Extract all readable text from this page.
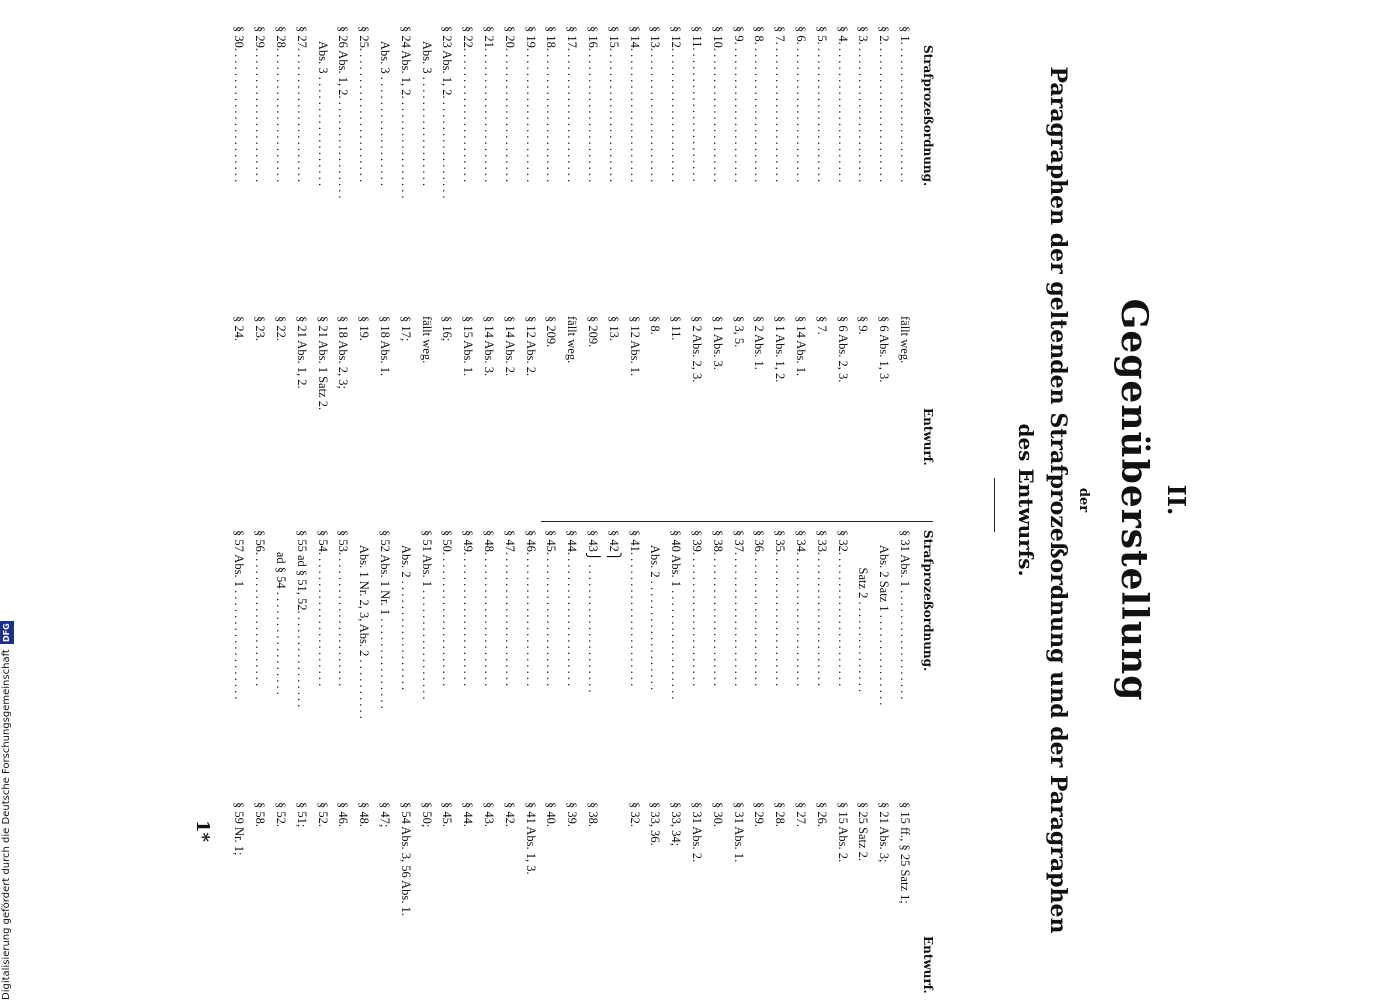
II.
Gegenüberstellung
der
Paragraphen der geltenden Strafprozeßordnung und der Paragraphen
des Entwurfs.
Strafprozeßordnung.
Entwurf.
Strafprozeßordnung.
Entwurf.
§ 1. . . . . . . . . . . . . . . . . . . . . . .fällt weg.
§ 2. . . . . . . . . . . . . . . . . . . . . . .§ 6 Abs. 1, 3.
§ 3. . . . . . . . . . . . . . . . . . . . . . .§ 9.
§ 4. . . . . . . . . . . . . . . . . . . . . . .§ 6 Abs. 2, 3.
§ 5. . . . . . . . . . . . . . . . . . . . . . .§ 7.
§ 6. . . . . . . . . . . . . . . . . . . . . . .§ 14 Abs. 1.
§ 7. . . . . . . . . . . . . . . . . . . . . . .§ 1 Abs. 1, 2.
§ 8. . . . . . . . . . . . . . . . . . . . . . .§ 2 Abs. 1.
§ 9. . . . . . . . . . . . . . . . . . . . . . .§ 3, 5.
§ 10. . . . . . . . . . . . . . . . . . . . . .§ 1 Abs. 3.
§ 11. . . . . . . . . . . . . . . . . . . . . .§ 2 Abs. 2, 3.
§ 12. . . . . . . . . . . . . . . . . . . . . .§ 11.
§ 13. . . . . . . . . . . . . . . . . . . . . .§ 8.
§ 14. . . . . . . . . . . . . . . . . . . . . .§ 12 Abs. 1.
§ 15. . . . . . . . . . . . . . . . . . . . . .§ 13.
§ 16. . . . . . . . . . . . . . . . . . . . . .§ 209.
§ 17. . . . . . . . . . . . . . . . . . . . . .fällt weg.
§ 18. . . . . . . . . . . . . . . . . . . . . .§ 209.
§ 19. . . . . . . . . . . . . . . . . . . . . .§ 12 Abs. 2.
§ 20. . . . . . . . . . . . . . . . . . . . . .§ 14 Abs. 2.
§ 21. . . . . . . . . . . . . . . . . . . . . .§ 14 Abs. 3.
§ 22. . . . . . . . . . . . . . . . . . . . . .§ 15 Abs. 1.
§ 23 Abs. 1, 2. . . . . . . . . . . . . . . . .§ 16;
Abs. 3 . . . . . . . . . . . . . . . . . .fällt weg.
§ 24 Abs. 1, 2. . . . . . . . . . . . . . . . .§ 17;
Abs. 3 . . . . . . . . . . . . . . . . . .§ 18 Abs. 1.
§ 25. . . . . . . . . . . . . . . . . . . . . .§ 19.
§ 26 Abs. 1, 2. . . . . . . . . . . . . . . . .§ 18 Abs. 2, 3;
Abs. 3 . . . . . . . . . . . . . . . . . .§ 21 Abs. 1 Satz 2.
§ 27. . . . . . . . . . . . . . . . . . . . . .§ 21 Abs. 1, 2.
§ 28. . . . . . . . . . . . . . . . . . . . . .§ 22.
§ 29. . . . . . . . . . . . . . . . . . . . . .§ 23.
§ 30. . . . . . . . . . . . . . . . . . . . . .§ 24.
§ 31 Abs. 1 . . . . . . . . . . . . . . . . . .§ 15 ff., § 25 Satz 1;
Abs. 2 Satz 1 . . . . . . . . . . . . . . .§ 21 Abs. 3;
Satz 2 . . . . . . . . . . . . . . .§ 25 Satz 2.
§ 32. . . . . . . . . . . . . . . . . . . . . .§ 15 Abs. 2.
§ 33. . . . . . . . . . . . . . . . . . . . . .§ 26.
§ 34. . . . . . . . . . . . . . . . . . . . . .§ 27.
§ 35. . . . . . . . . . . . . . . . . . . . . .§ 28.
§ 36. . . . . . . . . . . . . . . . . . . . . .§ 29.
§ 37. . . . . . . . . . . . . . . . . . . . . .§ 31 Abs. 1.
§ 38. . . . . . . . . . . . . . . . . . . . . .§ 30.
§ 39. . . . . . . . . . . . . . . . . . . . . .§ 31 Abs. 2.
§ 40 Abs. 1 . . . . . . . . . . . . . . . . . .§ 33, 34;
Abs. 2 . . . . . . . . . . . . . . . . . .§ 33, 36.
§ 41. . . . . . . . . . . . . . . . . . . . . .§ 32.
§ 42⎫
§ 43⎭ . . . . . . . . . . . . . . . . . . . . .§ 38.
§ 44. . . . . . . . . . . . . . . . . . . . . .§ 39.
§ 45. . . . . . . . . . . . . . . . . . . . . .§ 40.
§ 46. . . . . . . . . . . . . . . . . . . . . .§ 41 Abs. 1, 3.
§ 47. . . . . . . . . . . . . . . . . . . . . .§ 42.
§ 48. . . . . . . . . . . . . . . . . . . . . .§ 43.
§ 49. . . . . . . . . . . . . . . . . . . . . .§ 44.
§ 50. . . . . . . . . . . . . . . . . . . . . .§ 45.
§ 51 Abs. 1 . . . . . . . . . . . . . . . . . .§ 50;
Abs. 2 . . . . . . . . . . . . . . . . . .§ 54 Abs. 3, 56 Abs. 1.
§ 52 Abs. 1 Nr. 1 . . . . . . . . . . . . . . .§ 47;
Abs. 1 Nr. 2, 3, Abs. 2 . . . . . . . . . .§ 48.
§ 53. . . . . . . . . . . . . . . . . . . . . .§ 46.
§ 54. . . . . . . . . . . . . . . . . . . . . .§ 52.
§ 55 ad § 51, 52. . . . . . . . . . . . . . . .§ 51;
ad § 54 . . . . . . . . . . . . . . . . .§ 52.
§ 56. . . . . . . . . . . . . . . . . . . . . .§ 58.
§ 57 Abs. 1 . . . . . . . . . . . . . . . . . .§ 59 Nr. 1;
1*
Digitalisierung gefördert durch die Deutsche Forschungsgemeinschaft DFG
